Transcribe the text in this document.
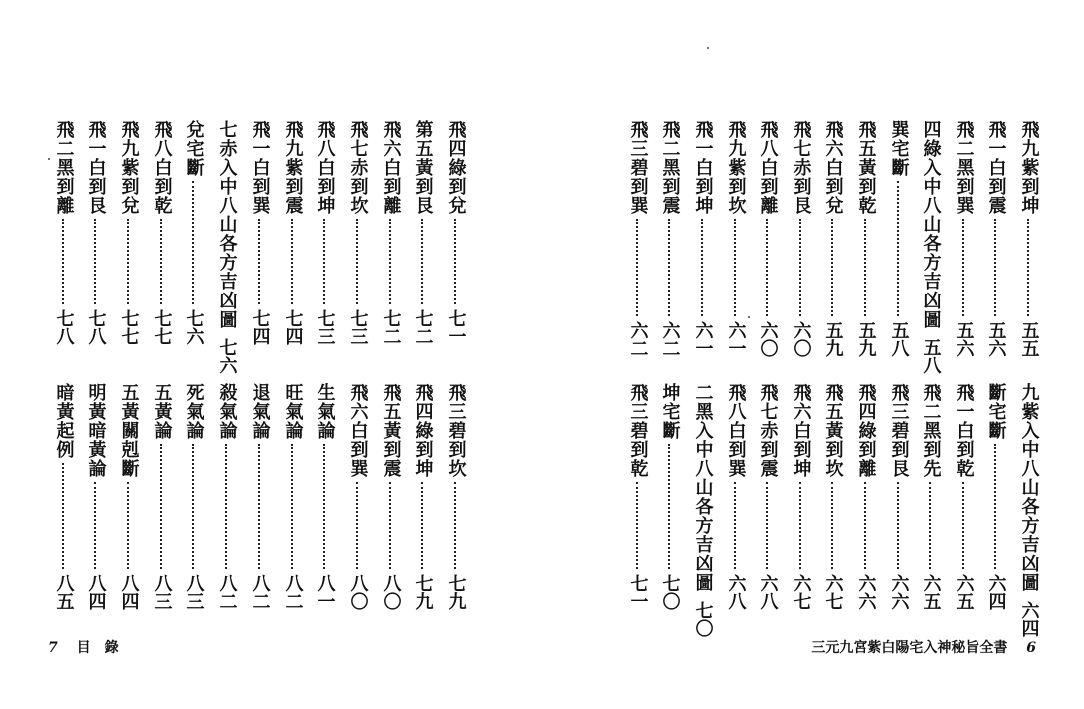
飛四綠到兌
七一
第五黃到艮
七二
飛六白到離
七二
飛七赤到坎
七三
飛八白到坤
七三
飛九紫到震
七四
飛一白到巽
七四
七赤入中八山各方吉凶圖
七六
兌宅斷
七六
飛八白到乾
七七
飛九紫到兌
七七
飛一白到艮
七八
飛二黑到離
七八
飛三碧到坎
七九
飛四綠到坤
七九
飛五黃到震
八〇
飛六白到巽
八〇
生氣論
八一
旺氣論
八二
退氣論
八二
殺氣論
八二
死氣論
八三
五黃論
八三
五黃關剋斷
八四
明黃暗黃論
八四
暗黃起例
八五
7 目錄
飛九紫到坤
五五
飛一白到震
五六
飛二黑到巽
五六
四綠入中八山各方吉凶圖
五八
巽宅斷
五八
飛五黃到乾
五九
飛六白到兌
五九
飛七赤到艮
六〇
飛八白到離
六〇
飛九紫到坎
六一
飛一白到坤
六一
飛二黑到震
六二
飛三碧到巽
六二
九紫入中八山各方吉凶圖
六四
斷宅斷
六四
飛一白到乾
六五
飛二黑到先
六五
飛三碧到艮
六六
飛四綠到離
六六
飛五黃到坎
六七
飛六白到坤
六七
飛七赤到震
六八
飛八白到巽
六八
二黑入中八山各方吉凶圖
七〇
坤宅斷
七〇
飛三碧到乾
七一
三元九宮紫白陽宅入神秘旨全書 6
